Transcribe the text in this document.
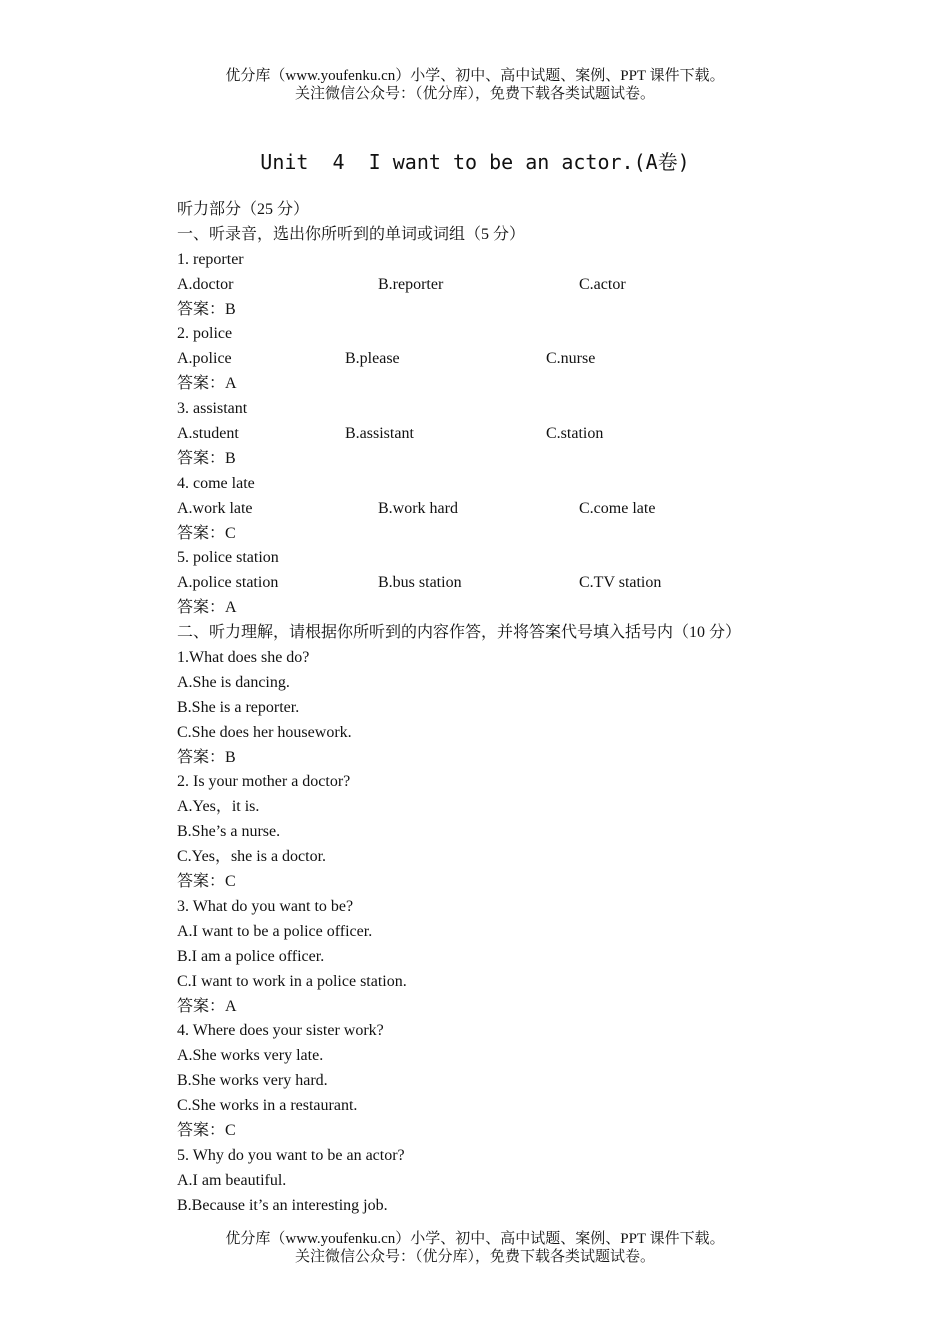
优分库（www.youfenku.cn）小学、初中、高中试题、案例、PPT 课件下载。
关注微信公众号：（优分库），免费下载各类试题试卷。
Unit  4  I want to be an actor.(A卷)
听力部分（25 分）
一、听录音，选出你所听到的单词或词组（5 分）
1. reporter
A.doctor	B.reporter	C.actor
答案：B
2. police
A.police	B.please	C.nurse
答案：A
3. assistant
A.student	B.assistant	C.station
答案：B
4. come late
A.work late	B.work hard	C.come late
答案：C
5. police station
A.police station	B.bus station	C.TV station
答案：A
二、听力理解，请根据你所听到的内容作答，并将答案代号填入括号内（10 分）
1.What does she do?
A.She is dancing.
B.She is a reporter.
C.She does her housework.
答案：B
2. Is your mother a doctor?
A.Yes，it is.
B.She’s a nurse.
C.Yes，she is a doctor.
答案：C
3. What do you want to be?
A.I want to be a police officer.
B.I am a police officer.
C.I want to work in a police station.
答案：A
4. Where does your sister work?
A.She works very late.
B.She works very hard.
C.She works in a restaurant.
答案：C
5. Why do you want to be an actor?
A.I am beautiful.
B.Because it’s an interesting job.
优分库（www.youfenku.cn）小学、初中、高中试题、案例、PPT 课件下载。
关注微信公众号：（优分库），免费下载各类试题试卷。
